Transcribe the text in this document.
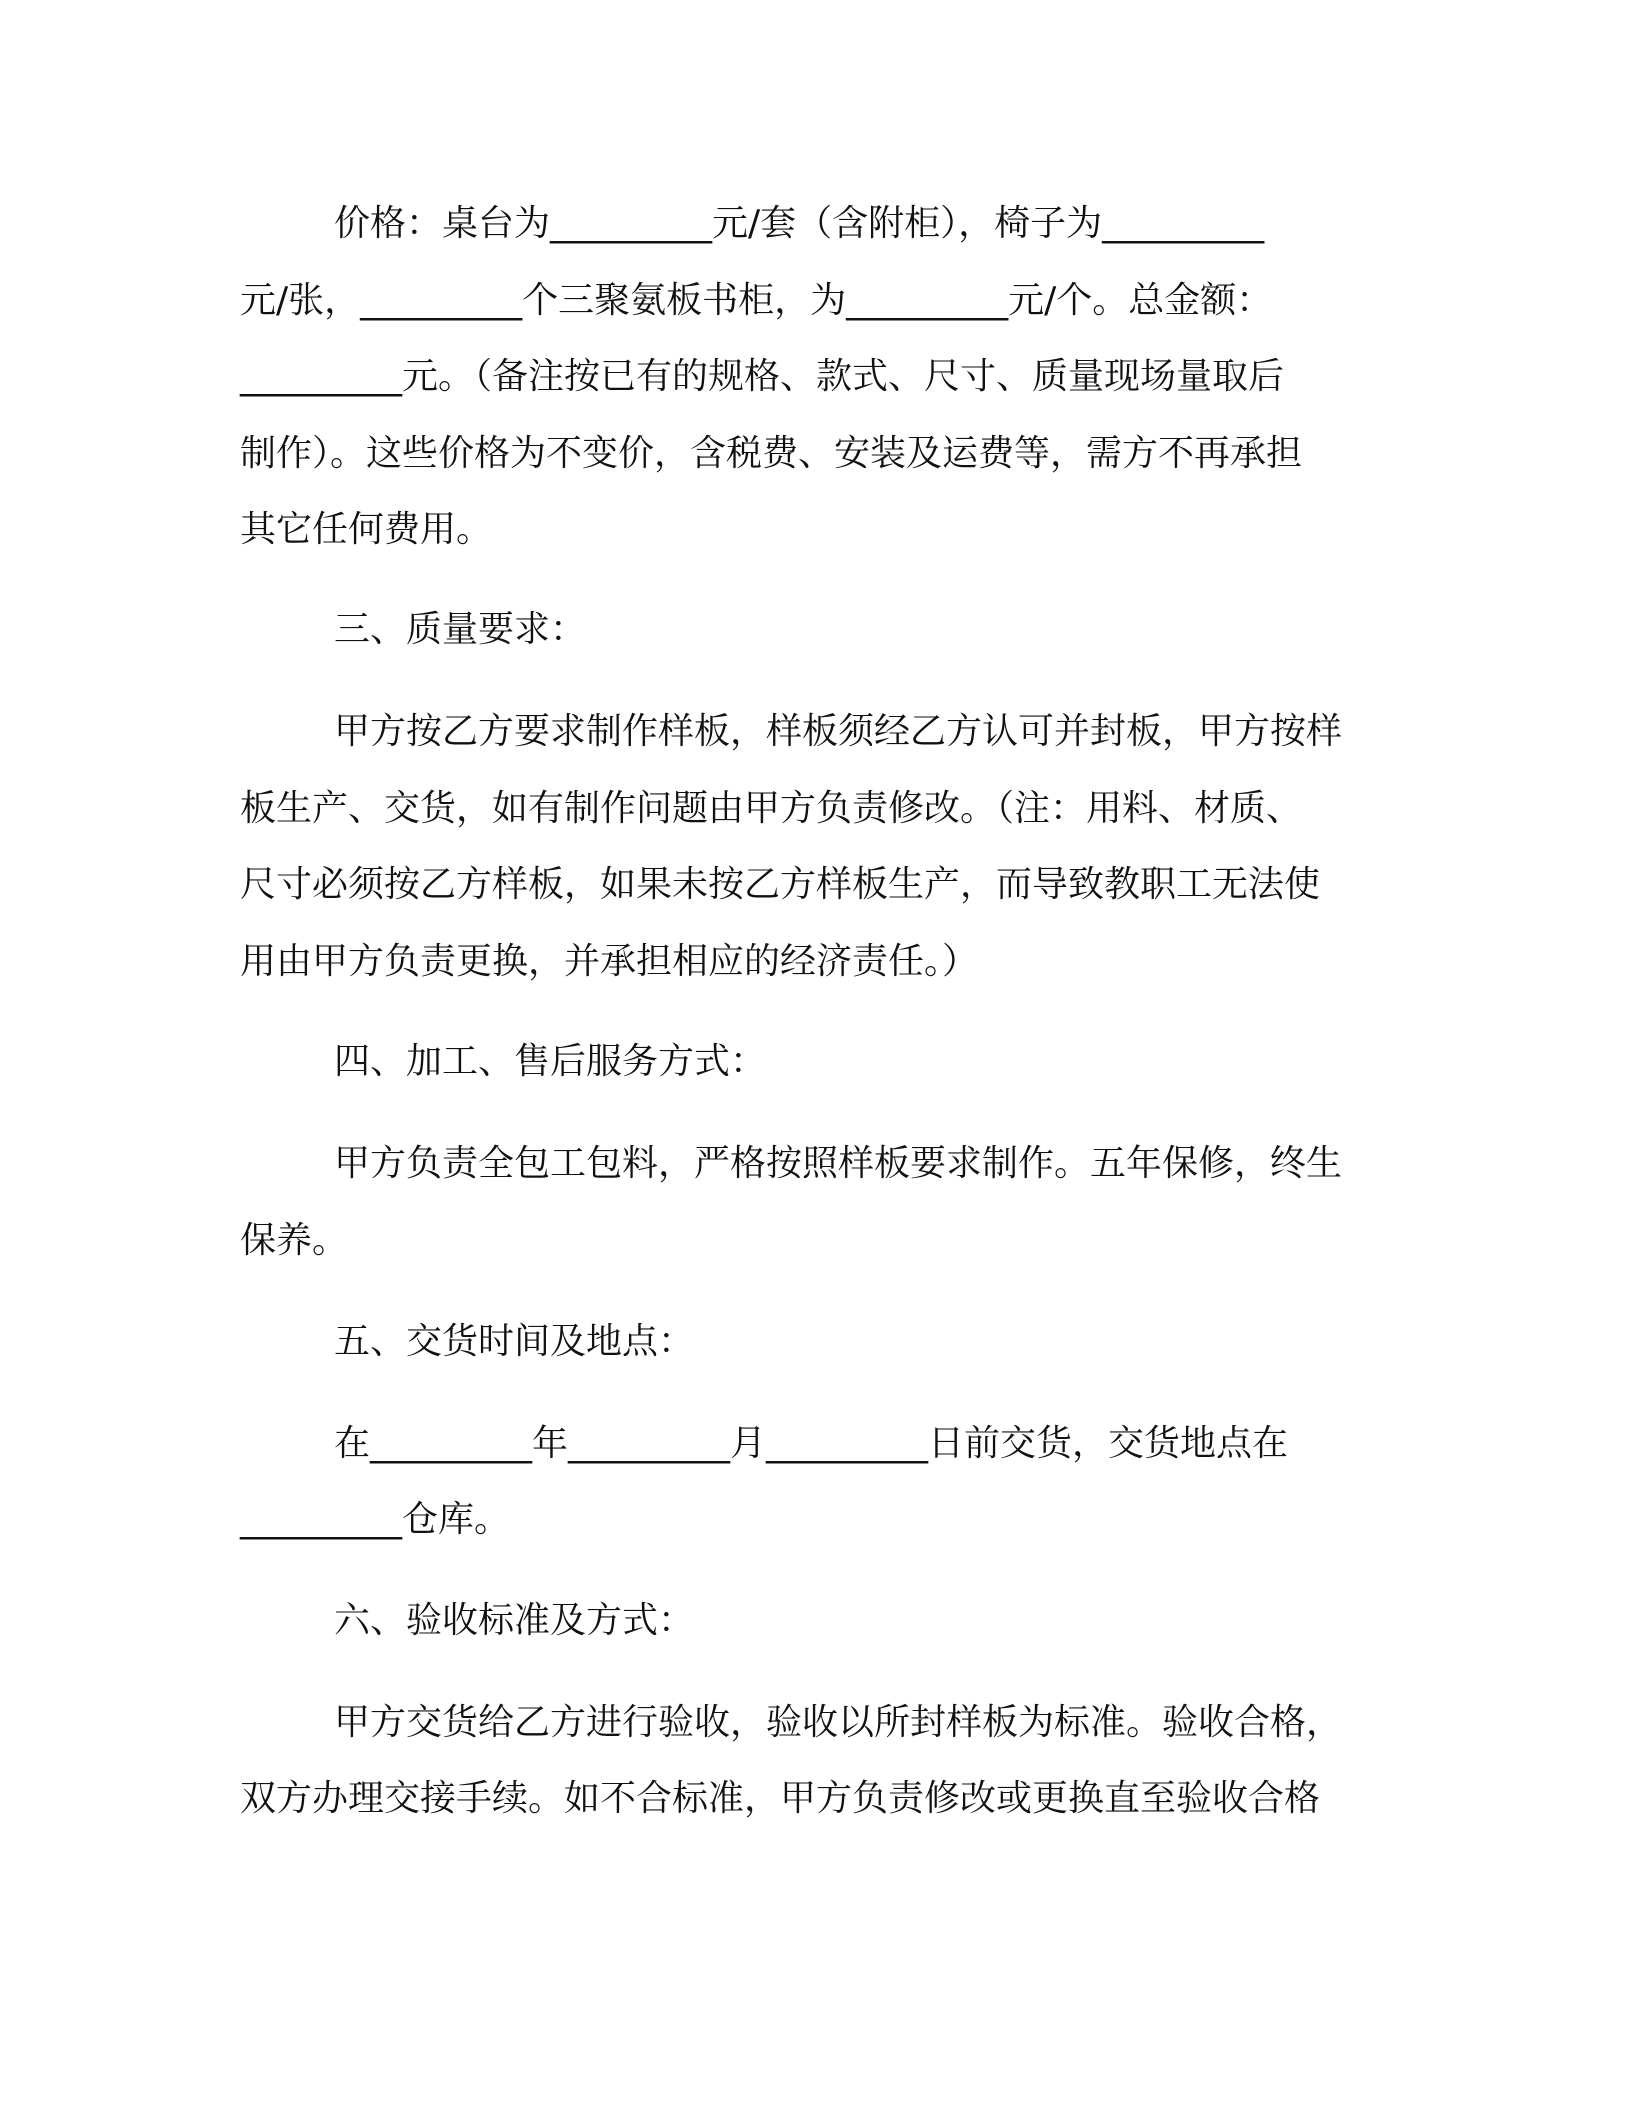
价格：桌台为_________元/套（含附柜），椅子为_________
元/张，_________个三聚氨板书柜，为_________元/个。总金额：
_________元。（备注按已有的规格、款式、尺寸、质量现场量取后
制作）。这些价格为不变价，含税费、安装及运费等，需方不再承担
其它任何费用。
三、质量要求：
甲方按乙方要求制作样板，样板须经乙方认可并封板，甲方按样
板生产、交货，如有制作问题由甲方负责修改。（注：用料、材质、
尺寸必须按乙方样板，如果未按乙方样板生产，而导致教职工无法使
用由甲方负责更换，并承担相应的经济责任。）
四、加工、售后服务方式：
甲方负责全包工包料，严格按照样板要求制作。五年保修，终生
保养。
五、交货时间及地点：
在_________年_________月_________日前交货，交货地点在
_________仓库。
六、验收标准及方式：
甲方交货给乙方进行验收，验收以所封样板为标准。验收合格，
双方办理交接手续。如不合标准，甲方负责修改或更换直至验收合格
